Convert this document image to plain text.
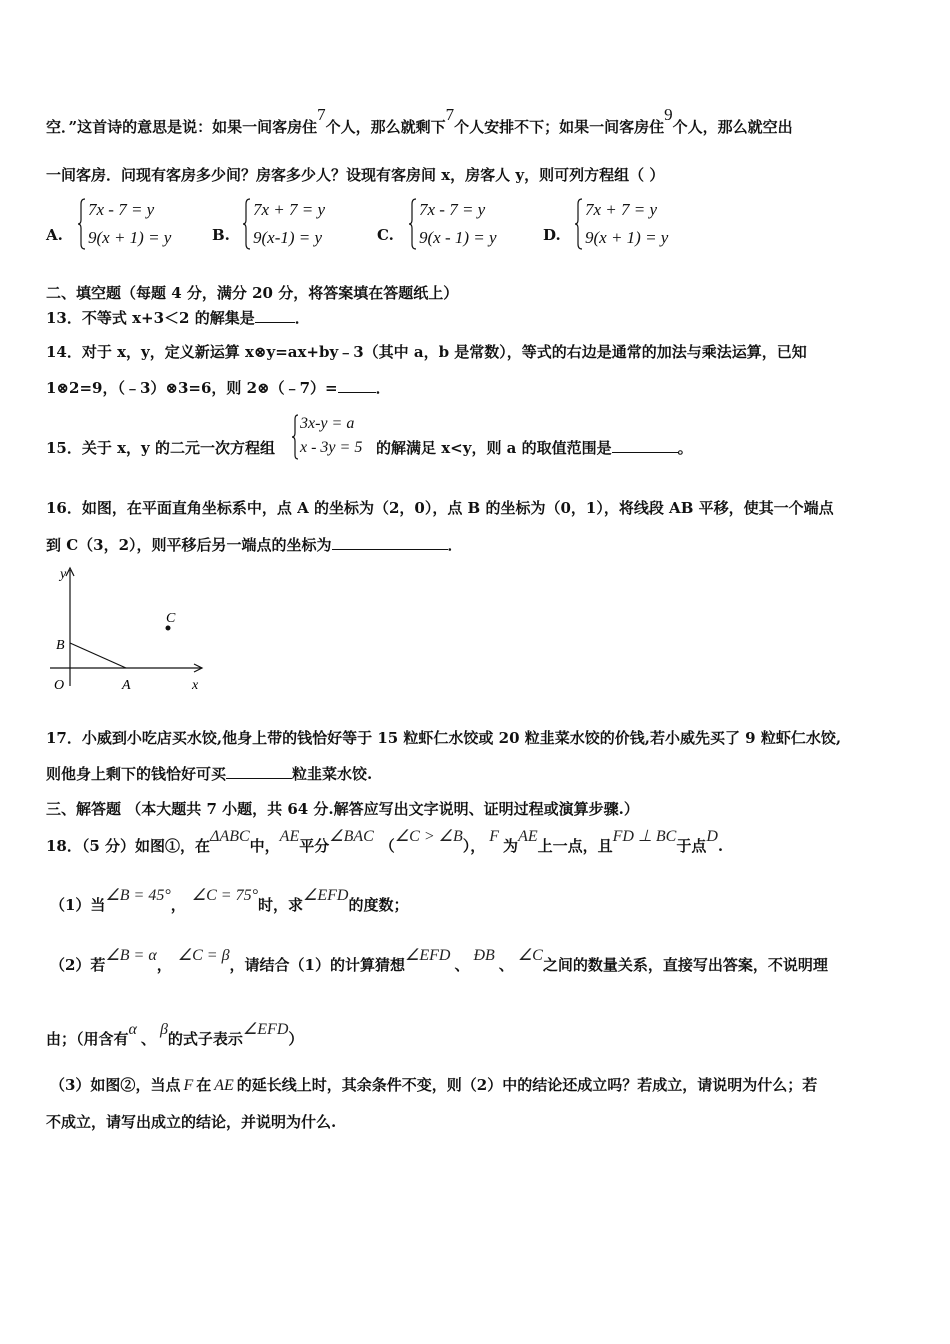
空．”这首诗的意思是说：如果一间客房住7个人，那么就剩下7个人安排不下；如果一间客房住9个人，那么就空出
一间客房．问现有客房多少间？房客多少人？设现有客房间 x，房客人 y，则可列方程组（ ）
A.
7x - 7 = y
9(x + 1) = y	B.
7x + 7 = y
9(x-1) = y	C.
7x - 7 = y
9(x - 1) = y	D.
7x + 7 = y
9(x + 1) = y
二、填空题（每题 4 分，满分 20 分，将答案填在答题纸上）
13．不等式 x+3＜2 的解集是	．
14．对于 x，y，定义新运算 x⊗y=ax+by﹣3（其中 a，b 是常数），等式的右边是通常的加法与乘法运算，已知
1⊗2=9，（﹣3）⊗3=6，则 2⊗（﹣7）=	．
15．关于 x，y 的二元一次方程组
3x-y = a
x - 3y = 5 的解满足 x<y，则 a 的取值范围是	。
16．如图，在平面直角坐标系中，点 A 的坐标为（2，0），点 B 的坐标为（0，1），将线段 AB 平移，使其一个端点
到 C（3，2），则平移后另一端点的坐标为	．
y
x
O	A
B
C
17．小威到小吃店买水饺,他身上带的钱恰好等于 15 粒虾仁水饺或 20 粒韭菜水饺的价钱,若小威先买了 9 粒虾仁水饺,
则他身上剩下的钱恰好可买	粒韭菜水饺.
三、解答题 （本大题共 7 小题，共 64 分.解答应写出文字说明、证明过程或演算步骤.）
18．（5 分）如图①，在ΔABC中，AE平分∠BAC（∠C > ∠B），F为AE上一点，且FD ⊥ BC于点D.
（1）当∠B = 45°，∠C = 75°时，求∠EFD的度数；
（2）若∠B = α，∠C = β，请结合（1）的计算猜想∠EFD、ÐB、∠C之间的数量关系，直接写出答案，不说明理
由；（用含有α、β的式子表示∠EFD）
（3）如图②，当点 F 在 AE 的延长线上时，其余条件不变，则（2）中的结论还成立吗？若成立，请说明为什么；若
不成立，请写出成立的结论，并说明为什么.
